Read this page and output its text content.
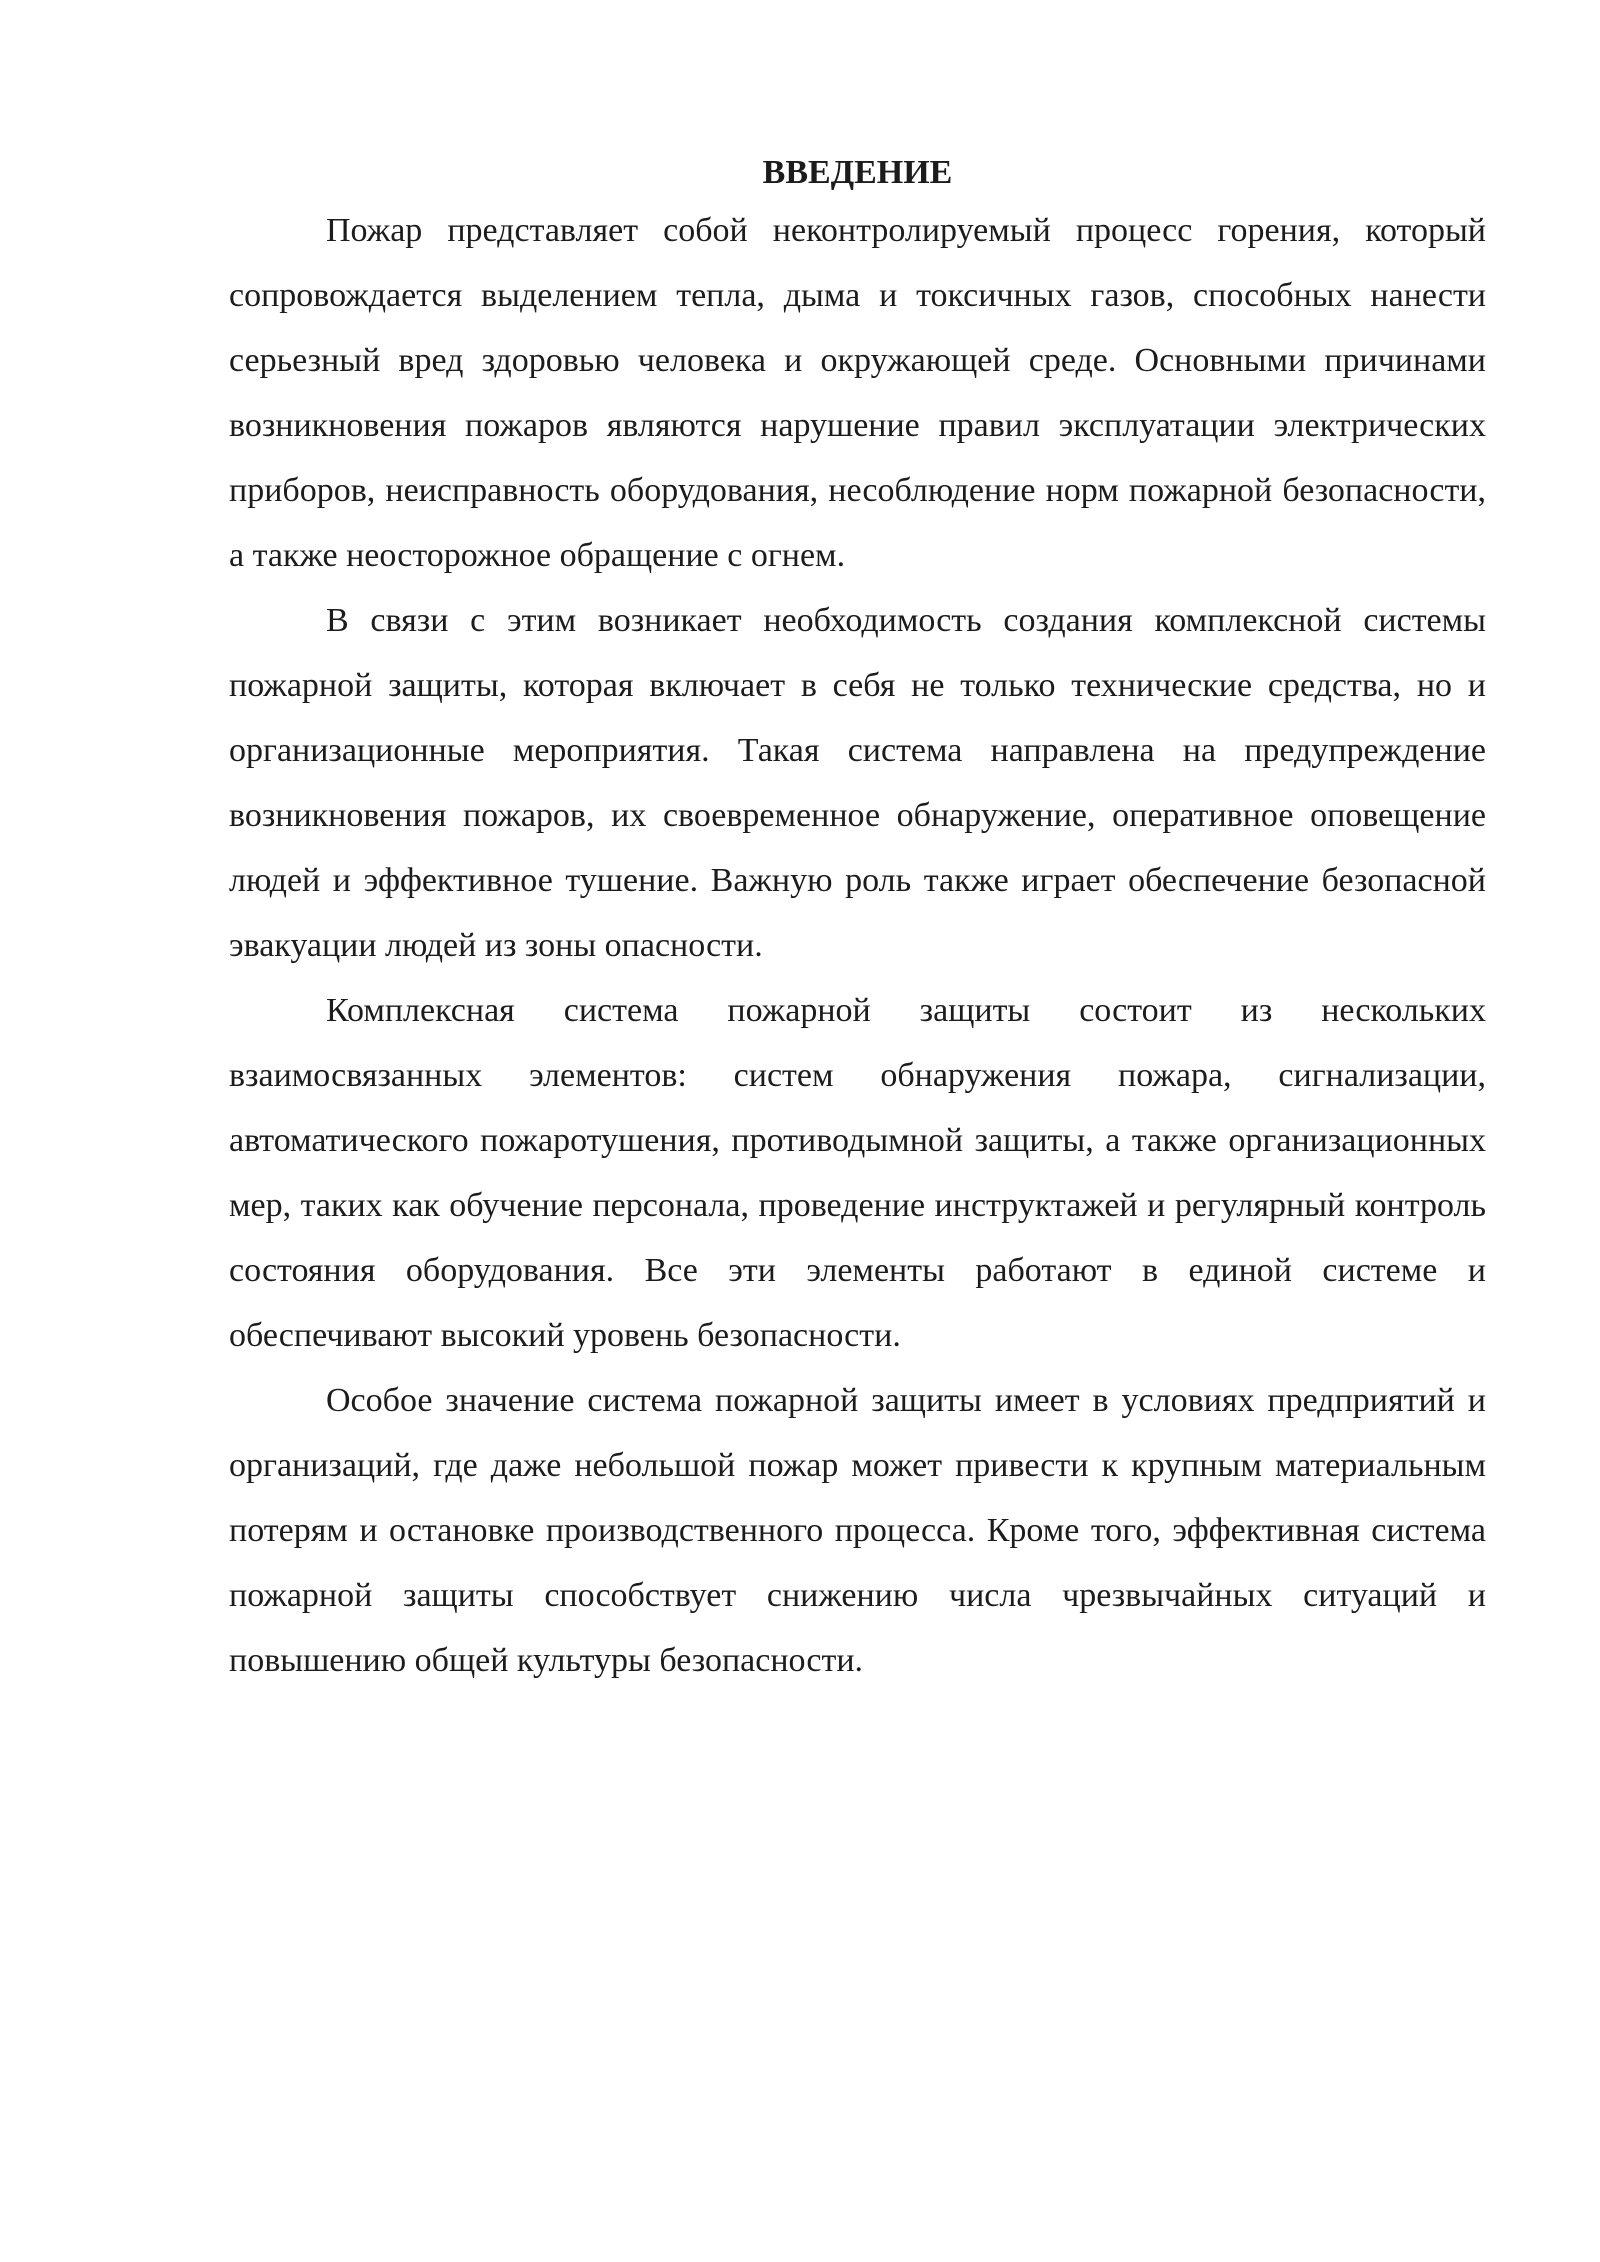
ВВЕДЕНИЕ

Пожар представляет собой неконтролируемый процесс горения, который сопровождается выделением тепла, дыма и токсичных газов, способных нанести серьезный вред здоровью человека и окружающей среде. Основными причинами возникновения пожаров являются нарушение правил эксплуатации электрических приборов, неисправность оборудования, несоблюдение норм пожарной безопасности, а также неосторожное обращение с огнем.

В связи с этим возникает необходимость создания комплексной системы пожарной защиты, которая включает в себя не только технические средства, но и организационные мероприятия. Такая система направлена на предупреждение возникновения пожаров, их своевременное обнаружение, оперативное оповещение людей и эффективное тушение. Важную роль также играет обеспечение безопасной эвакуации людей из зоны опасности.

Комплексная система пожарной защиты состоит из нескольких взаимосвязанных элементов: систем обнаружения пожара, сигнализации, автоматического пожаротушения, противодымной защиты, а также организационных мер, таких как обучение персонала, проведение инструктажей и регулярный контроль состояния оборудования. Все эти элементы работают в единой системе и обеспечивают высокий уровень безопасности.

Особое значение система пожарной защиты имеет в условиях предприятий и организаций, где даже небольшой пожар может привести к крупным материальным потерям и остановке производственного процесса. Кроме того, эффективная система пожарной защиты способствует снижению числа чрезвычайных ситуаций и повышению общей культуры безопасности.
